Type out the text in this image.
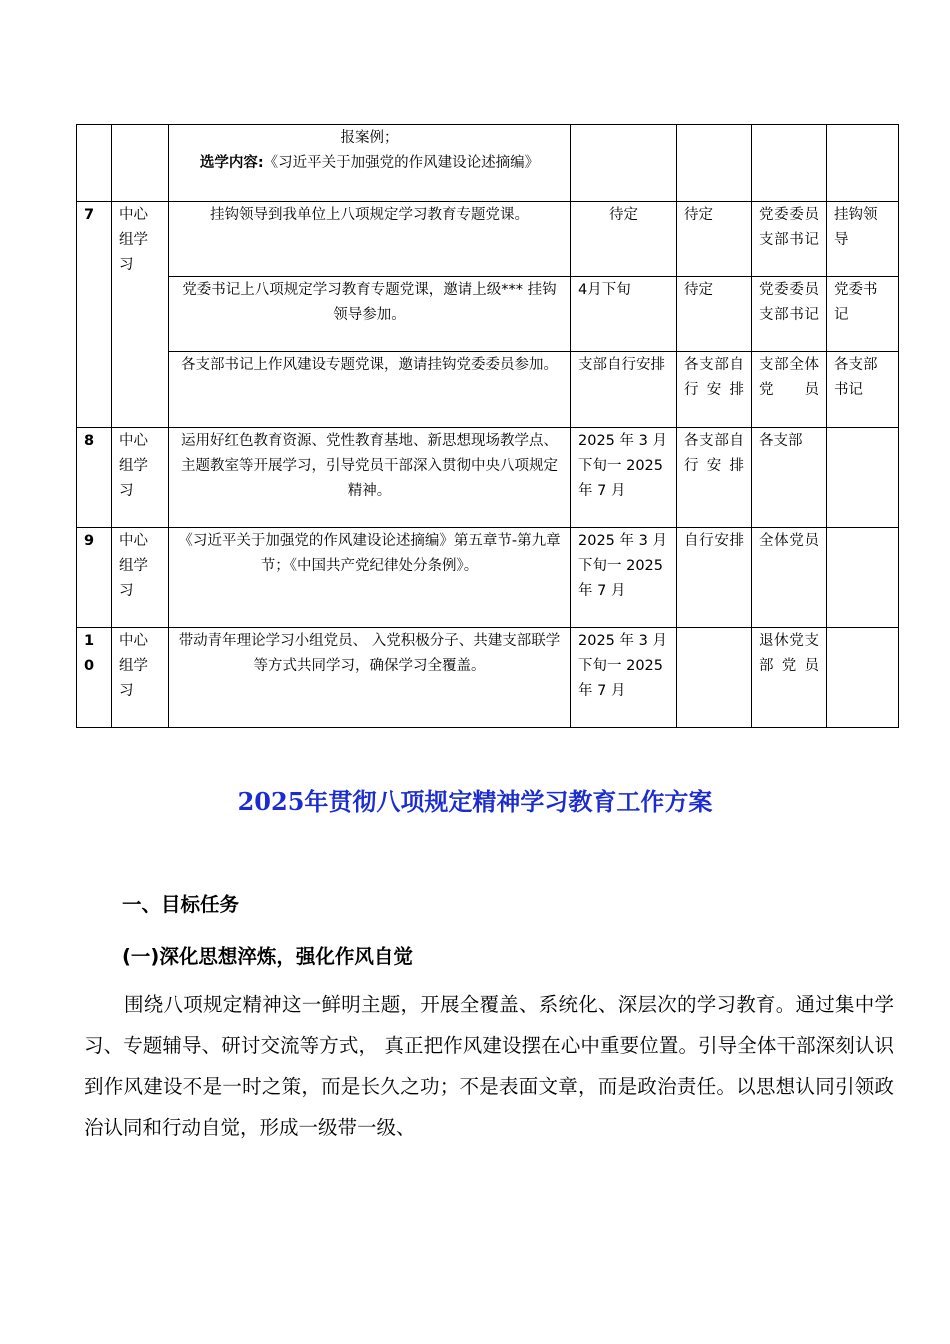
		报案例；
选学内容:《习近平关于加强党的作风建设论述摘编》				

7	中心组学习	挂钩领导到我单位上八项规定学习教育专题党课。	待定	待定	党委委员支部书记	挂钩领导
		党委书记上八项规定学习教育专题党课，邀请上级*** 挂钩领导参加。	4月下旬	待定	党委委员支部书记	党委书记
		各支部书记上作风建设专题党课，邀请挂钩党委委员参加。	支部自行安排	各支部自行安排	支部全体党员	各支部书记
8	中心组学习	运用好红色教育资源、党性教育基地、新思想现场教学点、 主题教室等开展学习，引导党员干部深入贯彻中央八项规定精神。	2025 年 3 月下旬一 2025 年 7 月	各支部自行安排	各支部	
9	中心组学习	《习近平关于加强党的作风建设论述摘编》第五章节-第九章节；《中国共产党纪律处分条例》。	2025 年 3 月下旬一 2025 年 7 月	自行安排	全体党员	
10	中心组学习	带动青年理论学习小组党员、 入党积极分子、共建支部联学等方式共同学习，确保学习全覆盖。	2025 年 3 月下旬一 2025 年 7 月		退休党支部党员	
2025年贯彻八项规定精神学习教育工作方案
一、目标任务
(一)深化思想淬炼，强化作风自觉

围绕八项规定精神这一鲜明主题，开展全覆盖、系统化、深层次的学习教育。通过集中学习、专题辅导、研讨交流等方式， 真正把作风建设摆在心中重要位置。引导全体干部深刻认识到作风建设不是一时之策，而是长久之功；不是表面文章，而是政治责任。以思想认同引领政治认同和行动自觉，形成一级带一级、
